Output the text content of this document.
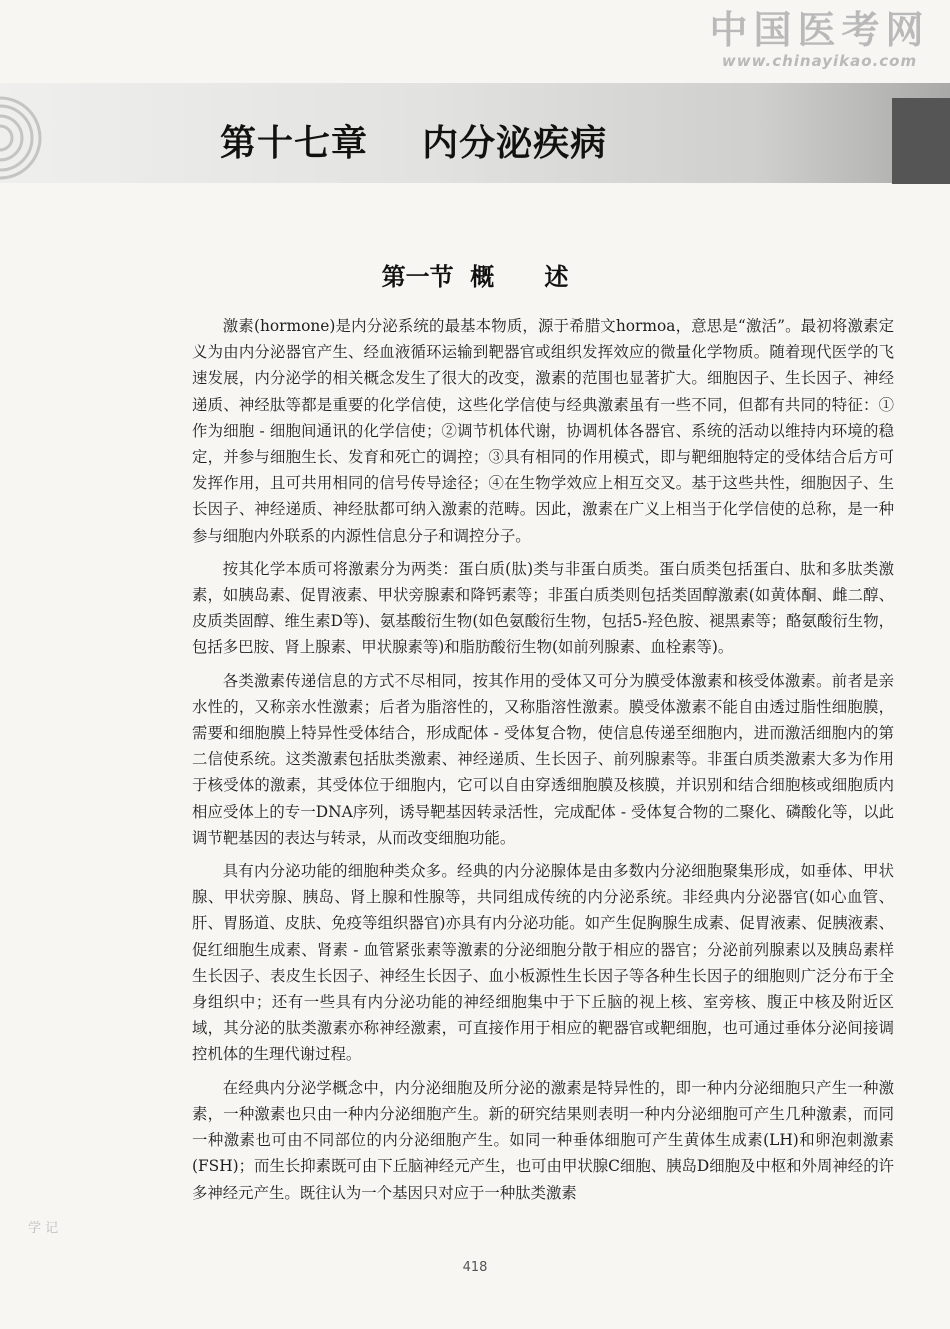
中国医考网
www.chinayikao.com
第十七章    内分泌疾病
第一节  概      述

激素(hormone)是内分泌系统的最基本物质，源于希腊文hormoa，意思是“激活”。最初将激素定义为由内分泌器官产生、经血液循环运输到靶器官或组织发挥效应的微量化学物质。随着现代医学的飞速发展，内分泌学的相关概念发生了很大的改变，激素的范围也显著扩大。细胞因子、生长因子、神经递质、神经肽等都是重要的化学信使，这些化学信使与经典激素虽有一些不同，但都有共同的特征：①作为细胞 - 细胞间通讯的化学信使；②调节机体代谢，协调机体各器官、系统的活动以维持内环境的稳定，并参与细胞生长、发育和死亡的调控；③具有相同的作用模式，即与靶细胞特定的受体结合后方可发挥作用，且可共用相同的信号传导途径；④在生物学效应上相互交叉。基于这些共性，细胞因子、生长因子、神经递质、神经肽都可纳入激素的范畴。因此，激素在广义上相当于化学信使的总称，是一种参与细胞内外联系的内源性信息分子和调控分子。

按其化学本质可将激素分为两类：蛋白质(肽)类与非蛋白质类。蛋白质类包括蛋白、肽和多肽类激素，如胰岛素、促胃液素、甲状旁腺素和降钙素等；非蛋白质类则包括类固醇激素(如黄体酮、雌二醇、皮质类固醇、维生素D等)、氨基酸衍生物(如色氨酸衍生物，包括5-羟色胺、褪黑素等；酪氨酸衍生物，包括多巴胺、肾上腺素、甲状腺素等)和脂肪酸衍生物(如前列腺素、血栓素等)。

各类激素传递信息的方式不尽相同，按其作用的受体又可分为膜受体激素和核受体激素。前者是亲水性的，又称亲水性激素；后者为脂溶性的，又称脂溶性激素。膜受体激素不能自由透过脂性细胞膜，需要和细胞膜上特异性受体结合，形成配体 - 受体复合物，使信息传递至细胞内，进而激活细胞内的第二信使系统。这类激素包括肽类激素、神经递质、生长因子、前列腺素等。非蛋白质类激素大多为作用于核受体的激素，其受体位于细胞内，它可以自由穿透细胞膜及核膜，并识别和结合细胞核或细胞质内相应受体上的专一DNA序列，诱导靶基因转录活性，完成配体 - 受体复合物的二聚化、磷酸化等，以此调节靶基因的表达与转录，从而改变细胞功能。

具有内分泌功能的细胞种类众多。经典的内分泌腺体是由多数内分泌细胞聚集形成，如垂体、甲状腺、甲状旁腺、胰岛、肾上腺和性腺等，共同组成传统的内分泌系统。非经典内分泌器官(如心血管、肝、胃肠道、皮肤、免疫等组织器官)亦具有内分泌功能。如产生促胸腺生成素、促胃液素、促胰液素、促红细胞生成素、肾素 - 血管紧张素等激素的分泌细胞分散于相应的器官；分泌前列腺素以及胰岛素样生长因子、表皮生长因子、神经生长因子、血小板源性生长因子等各种生长因子的细胞则广泛分布于全身组织中；还有一些具有内分泌功能的神经细胞集中于下丘脑的视上核、室旁核、腹正中核及附近区域，其分泌的肽类激素亦称神经激素，可直接作用于相应的靶器官或靶细胞，也可通过垂体分泌间接调控机体的生理代谢过程。

在经典内分泌学概念中，内分泌细胞及所分泌的激素是特异性的，即一种内分泌细胞只产生一种激素，一种激素也只由一种内分泌细胞产生。新的研究结果则表明一种内分泌细胞可产生几种激素，而同一种激素也可由不同部位的内分泌细胞产生。如同一种垂体细胞可产生黄体生成素(LH)和卵泡刺激素(FSH)；而生长抑素既可由下丘脑神经元产生，也可由甲状腺C细胞、胰岛D细胞及中枢和外周神经的许多神经元产生。既往认为一个基因只对应于一种肽类激素

学 记
418
